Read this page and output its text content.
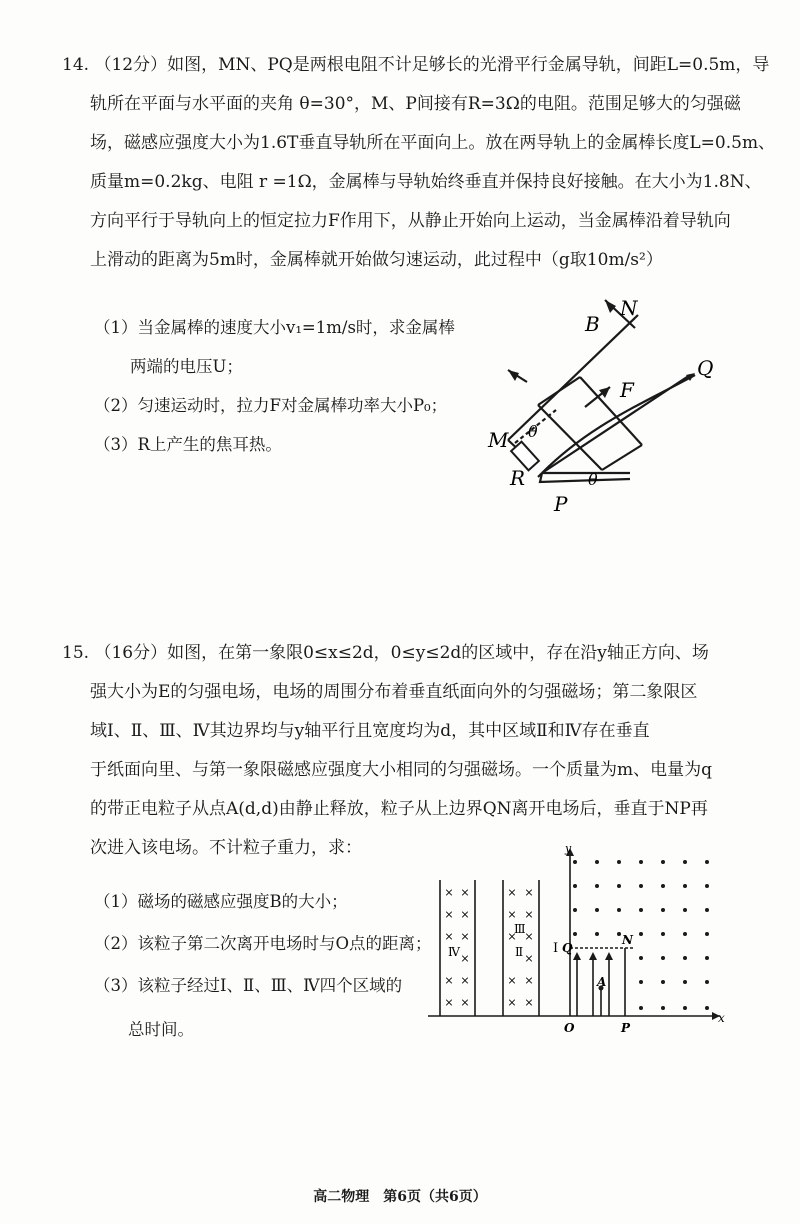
14. （12分）如图，MN、PQ是两根电阻不计足够长的光滑平行金属导轨，间距L=0.5m，导
轨所在平面与水平面的夹角 θ=30°，M、P间接有R=3Ω的电阻。范围足够大的匀强磁
场，磁感应强度大小为1.6T垂直导轨所在平面向上。放在两导轨上的金属棒长度L=0.5m、
质量m=0.2kg、电阻 r =1Ω，金属棒与导轨始终垂直并保持良好接触。在大小为1.8N、
方向平行于导轨向上的恒定拉力F作用下，从静止开始向上运动，当金属棒沿着导轨向
上滑动的距离为5m时，金属棒就开始做匀速运动，此过程中（g取10m/s²）
（1）当金属棒的速度大小v₁=1m/s时，求金属棒
两端的电压U；
（2）匀速运动时，拉力F对金属棒功率大小P₀；
（3）R上产生的焦耳热。
B
N
Q
F
M θ
R
P
θ
15. （16分）如图，在第一象限0≤x≤2d，0≤y≤2d的区域中，存在沿y轴正方向、场
强大小为E的匀强电场，电场的周围分布着垂直纸面向外的匀强磁场；第二象限区
域Ⅰ、Ⅱ、Ⅲ、Ⅳ其边界均与y轴平行且宽度均为d，其中区域Ⅱ和Ⅳ存在垂直
于纸面向里、与第一象限磁感应强度大小相同的匀强磁场。一个质量为m、电量为q
的带正电粒子从点A(d,d)由静止释放，粒子从上边界QN离开电场后，垂直于NP再
次进入该电场。不计粒子重力，求：
（1）磁场的磁感应强度B的大小；
（2）该粒子第二次离开电场时与O点的距离；
（3）该粒子经过Ⅰ、Ⅱ、Ⅲ、Ⅳ四个区域的
总时间。
×
×
×
×
×
×
×
×
×
×
×
×
×
×
×
×
×
×
×
×
×
×
y
x
O	P
Ⅰ Q
N
A
Ⅲ
Ⅱ
Ⅳ
高二物理　第6页（共6页）
